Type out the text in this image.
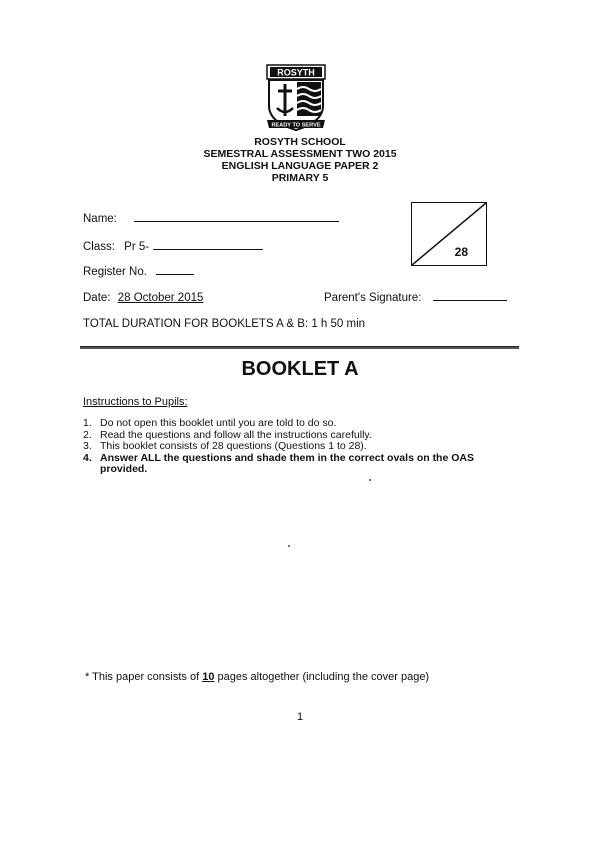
ROSYTH
READY TO SERVE
ROSYTH SCHOOL
SEMESTRAL ASSESSMENT TWO 2015
ENGLISH LANGUAGE PAPER 2
PRIMARY 5
Name:
Class: Pr 5-
Register No.
Date: 28 October 2015	Parent's Signature:
TOTAL DURATION FOR BOOKLETS A & B: 1 h 50 min
28
BOOKLET A
Instructions to Pupils:
1. Do not open this booklet until you are told to do so.
2. Read the questions and follow all the instructions carefully.
3. This booklet consists of 28 questions (Questions 1 to 28).
4. Answer ALL the questions and shade them in the correct ovals on the OAS provided.
* This paper consists of 10 pages altogether (including the cover page)
1
